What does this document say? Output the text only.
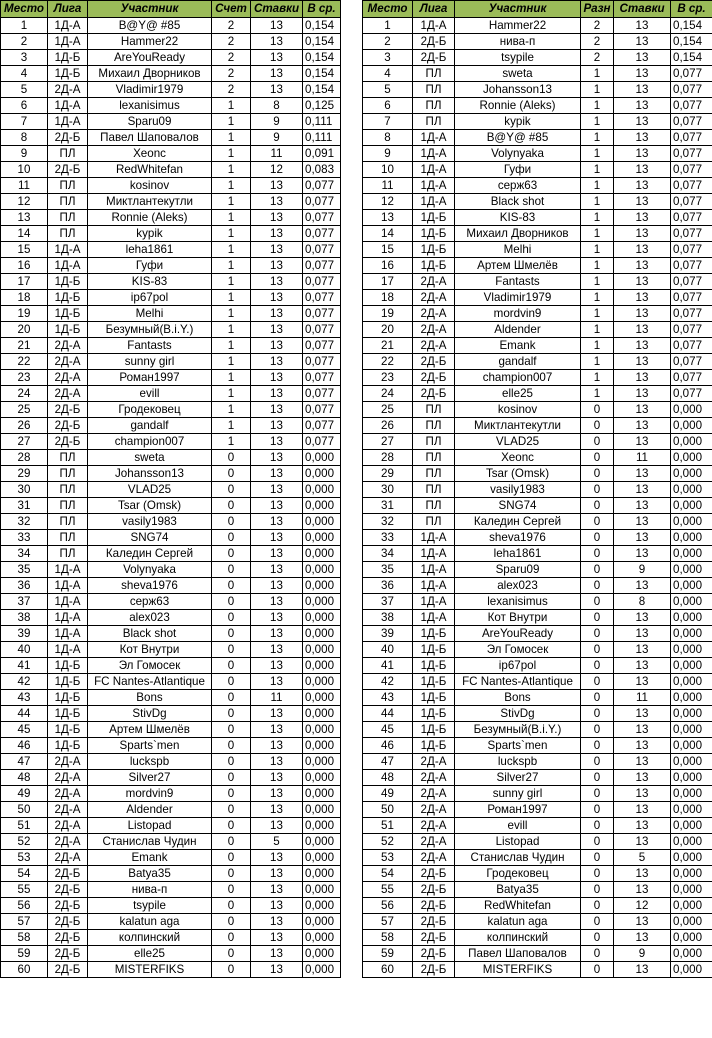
Место	Лига	Участник	Счет	Ставки	В ср.
1	1Д-А	B@Y@ #85	2	13	0,154
2	1Д-А	Hammer22	2	13	0,154
3	1Д-Б	AreYouReady	2	13	0,154
4	1Д-Б	Михаил Дворников	2	13	0,154
5	2Д-А	Vladimir1979	2	13	0,154
6	1Д-А	lexanisimus	1	8	0,125
7	1Д-А	Sparu09	1	9	0,111
8	2Д-Б	Павел Шаповалов	1	9	0,111
9	ПЛ	Xeonc	1	11	0,091
10	2Д-Б	RedWhitefan	1	12	0,083
11	ПЛ	kosinov	1	13	0,077
12	ПЛ	Миктлантекутли	1	13	0,077
13	ПЛ	Ronnie (Aleks)	1	13	0,077
14	ПЛ	kypik	1	13	0,077
15	1Д-А	leha1861	1	13	0,077
16	1Д-А	Гуфи	1	13	0,077
17	1Д-Б	KIS-83	1	13	0,077
18	1Д-Б	ip67pol	1	13	0,077
19	1Д-Б	Melhi	1	13	0,077
20	1Д-Б	Безумный(B.i.Y.)	1	13	0,077
21	2Д-А	Fantasts	1	13	0,077
22	2Д-А	sunny girl	1	13	0,077
23	2Д-А	Роман1997	1	13	0,077
24	2Д-А	evill	1	13	0,077
25	2Д-Б	Гродековец	1	13	0,077
26	2Д-Б	gandalf	1	13	0,077
27	2Д-Б	champion007	1	13	0,077
28	ПЛ	sweta	0	13	0,000
29	ПЛ	Johansson13	0	13	0,000
30	ПЛ	VLAD25	0	13	0,000
31	ПЛ	Tsar (Omsk)	0	13	0,000
32	ПЛ	vasily1983	0	13	0,000
33	ПЛ	SNG74	0	13	0,000
34	ПЛ	Каледин Сергей	0	13	0,000
35	1Д-А	Volynyaka	0	13	0,000
36	1Д-А	sheva1976	0	13	0,000
37	1Д-А	серж63	0	13	0,000
38	1Д-А	alex023	0	13	0,000
39	1Д-А	Black shot	0	13	0,000
40	1Д-А	Кот Внутри	0	13	0,000
41	1Д-Б	Эл Гомосек	0	13	0,000
42	1Д-Б	FC Nantes-Atlantique	0	13	0,000
43	1Д-Б	Bons	0	11	0,000
44	1Д-Б	StivDg	0	13	0,000
45	1Д-Б	Артем Шмелёв	0	13	0,000
46	1Д-Б	Sparts`men	0	13	0,000
47	2Д-А	luckspb	0	13	0,000
48	2Д-А	Silver27	0	13	0,000
49	2Д-А	mordvin9	0	13	0,000
50	2Д-А	Aldender	0	13	0,000
51	2Д-А	Listopad	0	13	0,000
52	2Д-А	Станислав Чудин	0	5	0,000
53	2Д-А	Emank	0	13	0,000
54	2Д-Б	Batya35	0	13	0,000
55	2Д-Б	нива-п	0	13	0,000
56	2Д-Б	tsypile	0	13	0,000
57	2Д-Б	kalatun aga	0	13	0,000
58	2Д-Б	колпинский	0	13	0,000
59	2Д-Б	elle25	0	13	0,000
60	2Д-Б	MISTERFIKS	0	13	0,000
Место	Лига	Участник	Разн	Ставки	В ср.
1	1Д-А	Hammer22	2	13	0,154
2	2Д-Б	нива-п	2	13	0,154
3	2Д-Б	tsypile	2	13	0,154
4	ПЛ	sweta	1	13	0,077
5	ПЛ	Johansson13	1	13	0,077
6	ПЛ	Ronnie (Aleks)	1	13	0,077
7	ПЛ	kypik	1	13	0,077
8	1Д-А	B@Y@ #85	1	13	0,077
9	1Д-А	Volynyaka	1	13	0,077
10	1Д-А	Гуфи	1	13	0,077
11	1Д-А	серж63	1	13	0,077
12	1Д-А	Black shot	1	13	0,077
13	1Д-Б	KIS-83	1	13	0,077
14	1Д-Б	Михаил Дворников	1	13	0,077
15	1Д-Б	Melhi	1	13	0,077
16	1Д-Б	Артем Шмелёв	1	13	0,077
17	2Д-А	Fantasts	1	13	0,077
18	2Д-А	Vladimir1979	1	13	0,077
19	2Д-А	mordvin9	1	13	0,077
20	2Д-А	Aldender	1	13	0,077
21	2Д-А	Emank	1	13	0,077
22	2Д-Б	gandalf	1	13	0,077
23	2Д-Б	champion007	1	13	0,077
24	2Д-Б	elle25	1	13	0,077
25	ПЛ	kosinov	0	13	0,000
26	ПЛ	Миктлантекутли	0	13	0,000
27	ПЛ	VLAD25	0	13	0,000
28	ПЛ	Xeonc	0	11	0,000
29	ПЛ	Tsar (Omsk)	0	13	0,000
30	ПЛ	vasily1983	0	13	0,000
31	ПЛ	SNG74	0	13	0,000
32	ПЛ	Каледин Сергей	0	13	0,000
33	1Д-А	sheva1976	0	13	0,000
34	1Д-А	leha1861	0	13	0,000
35	1Д-А	Sparu09	0	9	0,000
36	1Д-А	alex023	0	13	0,000
37	1Д-А	lexanisimus	0	8	0,000
38	1Д-А	Кот Внутри	0	13	0,000
39	1Д-Б	AreYouReady	0	13	0,000
40	1Д-Б	Эл Гомосек	0	13	0,000
41	1Д-Б	ip67pol	0	13	0,000
42	1Д-Б	FC Nantes-Atlantique	0	13	0,000
43	1Д-Б	Bons	0	11	0,000
44	1Д-Б	StivDg	0	13	0,000
45	1Д-Б	Безумный(B.i.Y.)	0	13	0,000
46	1Д-Б	Sparts`men	0	13	0,000
47	2Д-А	luckspb	0	13	0,000
48	2Д-А	Silver27	0	13	0,000
49	2Д-А	sunny girl	0	13	0,000
50	2Д-А	Роман1997	0	13	0,000
51	2Д-А	evill	0	13	0,000
52	2Д-А	Listopad	0	13	0,000
53	2Д-А	Станислав Чудин	0	5	0,000
54	2Д-Б	Гродековец	0	13	0,000
55	2Д-Б	Batya35	0	13	0,000
56	2Д-Б	RedWhitefan	0	12	0,000
57	2Д-Б	kalatun aga	0	13	0,000
58	2Д-Б	колпинский	0	13	0,000
59	2Д-Б	Павел Шаповалов	0	9	0,000
60	2Д-Б	MISTERFIKS	0	13	0,000
